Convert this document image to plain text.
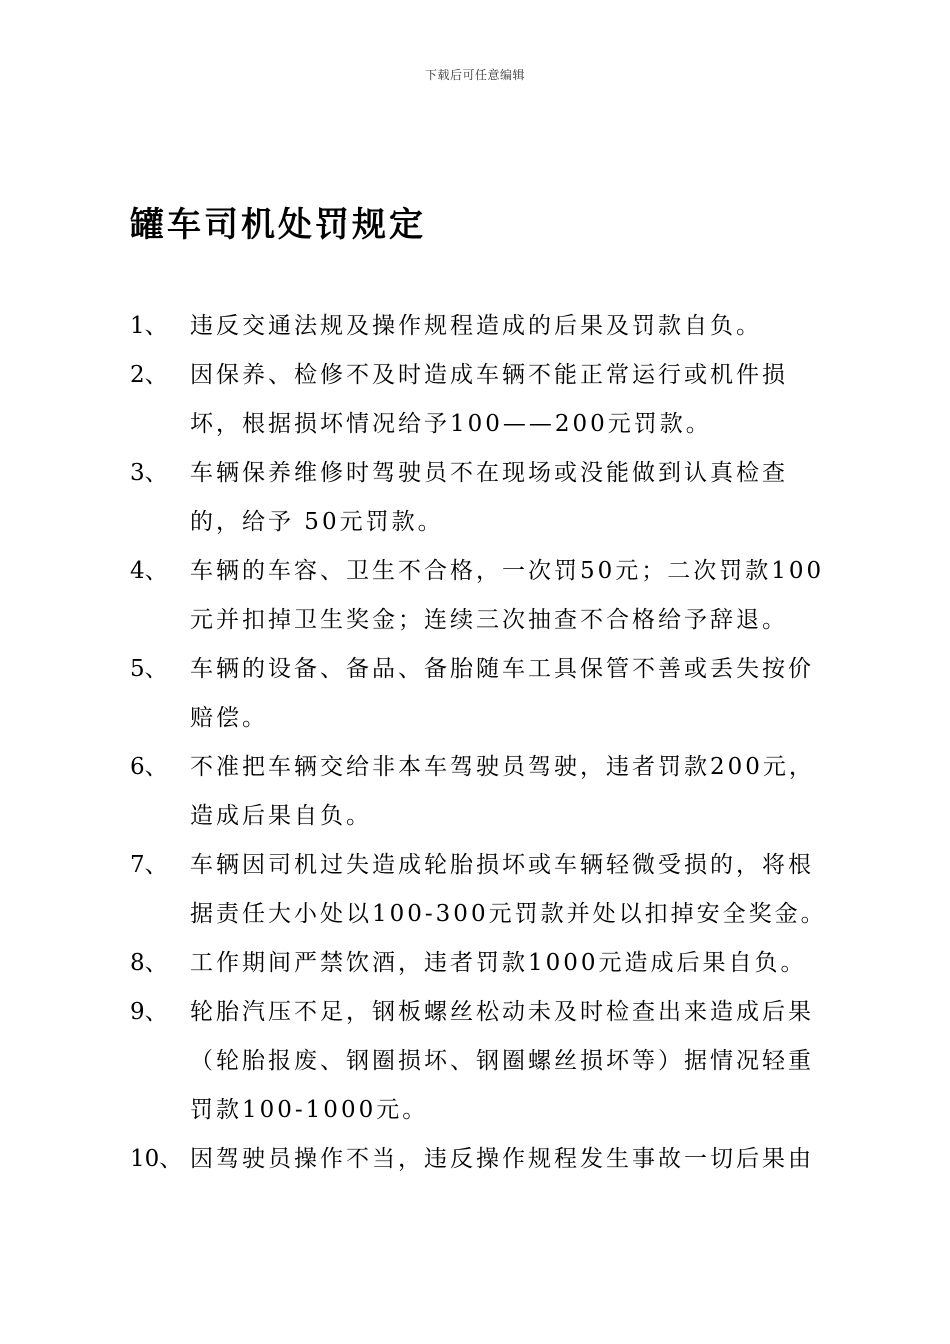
下载后可任意编辑
罐车司机处罚规定
1、 违反交通法规及操作规程造成的后果及罚款自负。
2、 因保养、检修不及时造成车辆不能正常运行或机件损坏，根据损坏情况给予100——200元罚款。
3、 车辆保养维修时驾驶员不在现场或没能做到认真检查的，给予 50元罚款。
4、 车辆的车容、卫生不合格，一次罚50元；二次罚款100元并扣掉卫生奖金；连续三次抽查不合格给予辞退。
5、 车辆的设备、备品、备胎随车工具保管不善或丢失按价赔偿。
6、 不准把车辆交给非本车驾驶员驾驶，违者罚款200元，造成后果自负。
7、 车辆因司机过失造成轮胎损坏或车辆轻微受损的，将根据责任大小处以100-300元罚款并处以扣掉安全奖金。
8、 工作期间严禁饮酒，违者罚款1000元造成后果自负。
9、 轮胎汽压不足，钢板螺丝松动未及时检查出来造成后果（轮胎报废、钢圈损坏、钢圈螺丝损坏等）据情况轻重罚款100-1000元。
10、 因驾驶员操作不当，违反操作规程发生事故一切后果由
